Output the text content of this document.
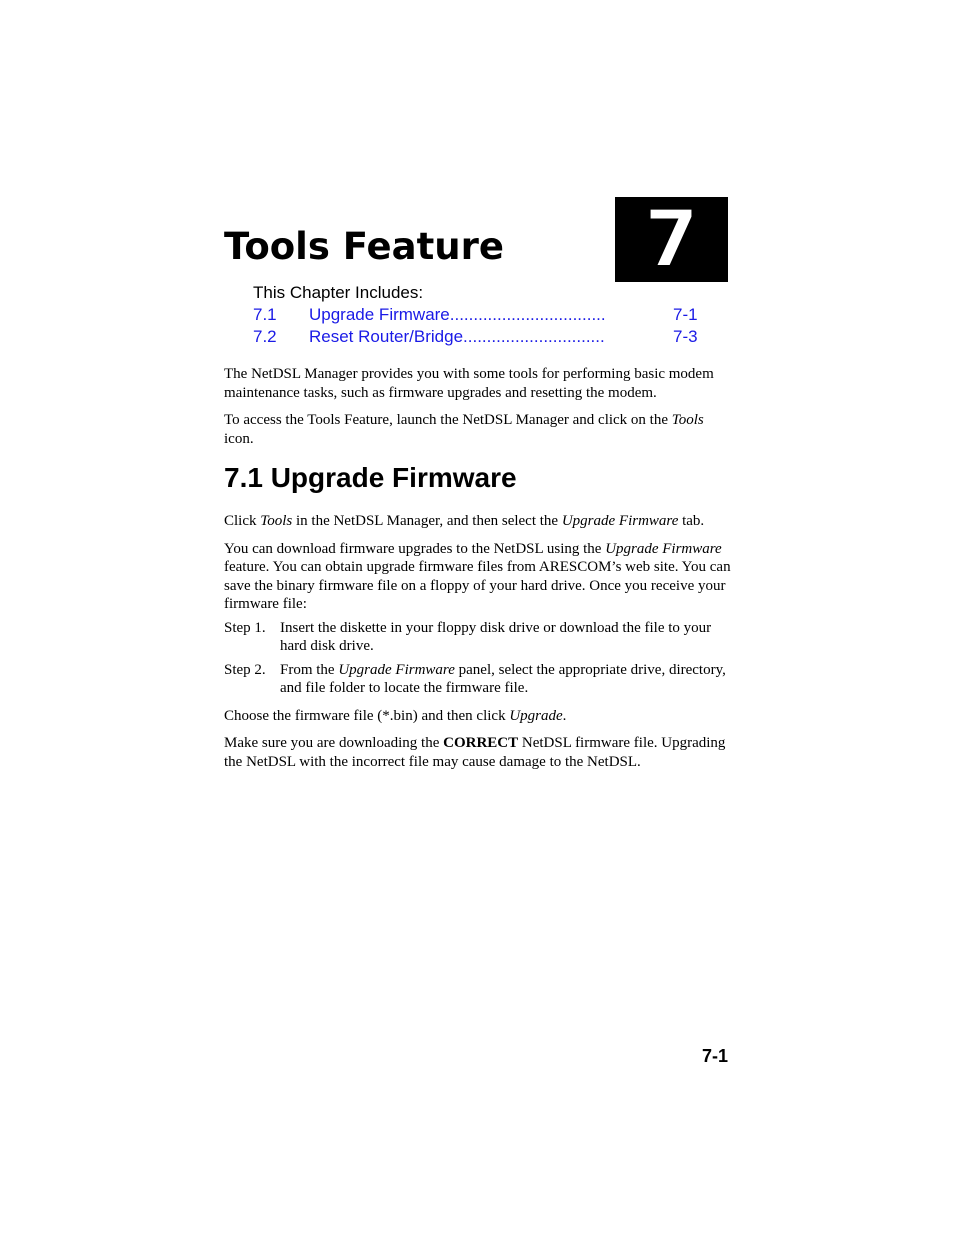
7
Tools Feature
This Chapter Includes:
7.1	Upgrade Firmware.................................	7-1
7.2	Reset Router/Bridge..............................	7-3

The NetDSL Manager provides you with some tools for performing basic modem maintenance tasks, such as firmware upgrades and resetting the modem.

To access the Tools Feature, launch the NetDSL Manager and click on the Tools icon.

7.1 Upgrade Firmware

Click Tools in the NetDSL Manager, and then select the Upgrade Firmware tab.

You can download firmware upgrades to the NetDSL using the Upgrade Firmware feature. You can obtain upgrade firmware files from ARESCOM’s web site. You can save the binary firmware file on a floppy of your hard drive. Once you receive your firmware file:

Step 1. Insert the diskette in your floppy disk drive or download the file to your hard disk drive.
Step 2. From the Upgrade Firmware panel, select the appropriate drive, directory, and file folder to locate the firmware file.

Choose the firmware file (*.bin) and then click Upgrade.

Make sure you are downloading the CORRECT NetDSL firmware file. Upgrading the NetDSL with the incorrect file may cause damage to the NetDSL.

7-1
